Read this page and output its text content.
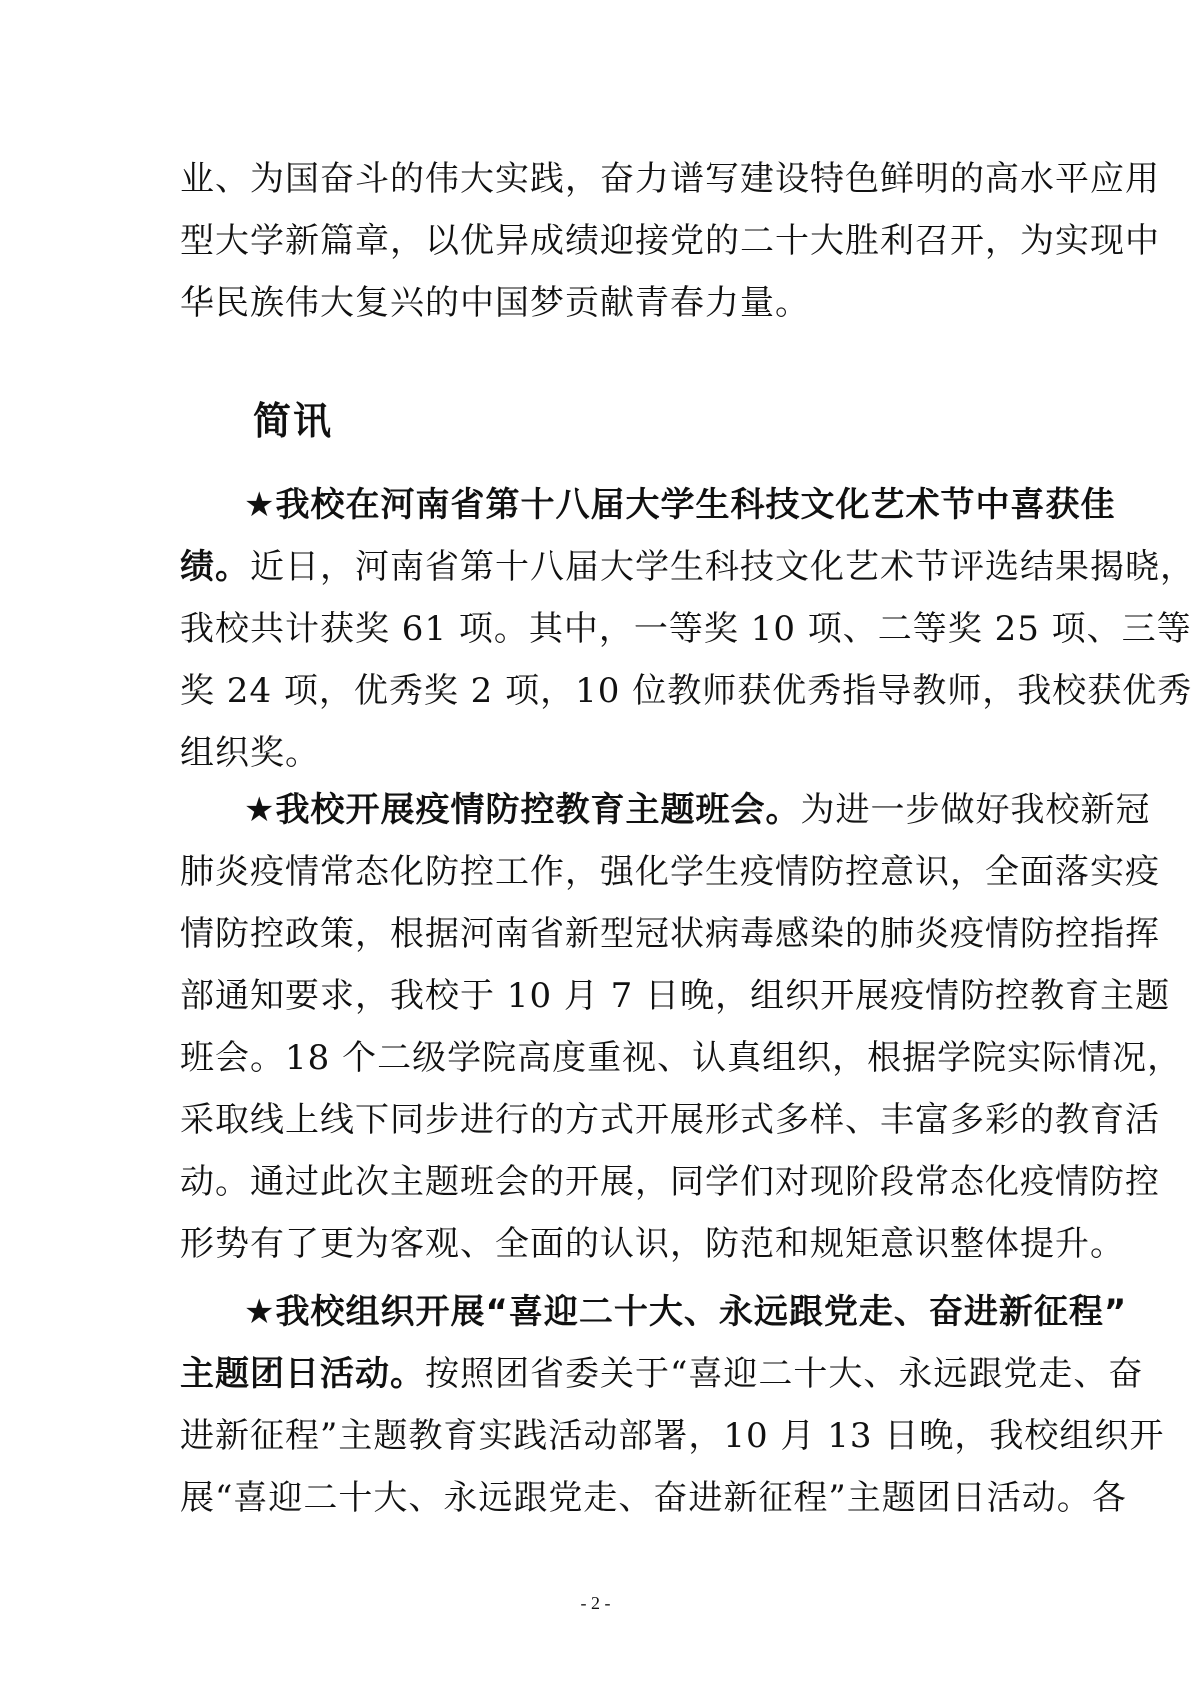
业、为国奋斗的伟大实践，奋力谱写建设特色鲜明的高水平应用
型大学新篇章，以优异成绩迎接党的二十大胜利召开，为实现中
华民族伟大复兴的中国梦贡献青春力量。
简讯
★我校在河南省第十八届大学生科技文化艺术节中喜获佳
绩。近日，河南省第十八届大学生科技文化艺术节评选结果揭晓，
我校共计获奖 61 项。其中，一等奖 10 项、二等奖 25 项、三等
奖 24 项，优秀奖 2 项，10 位教师获优秀指导教师，我校获优秀
组织奖。
★我校开展疫情防控教育主题班会。为进一步做好我校新冠
肺炎疫情常态化防控工作，强化学生疫情防控意识，全面落实疫
情防控政策，根据河南省新型冠状病毒感染的肺炎疫情防控指挥
部通知要求，我校于 10 月 7 日晚，组织开展疫情防控教育主题
班会。18 个二级学院高度重视、认真组织，根据学院实际情况，
采取线上线下同步进行的方式开展形式多样、丰富多彩的教育活
动。通过此次主题班会的开展，同学们对现阶段常态化疫情防控
形势有了更为客观、全面的认识，防范和规矩意识整体提升。
★我校组织开展“喜迎二十大、永远跟党走、奋进新征程”
主题团日活动。按照团省委关于“喜迎二十大、永远跟党走、奋
进新征程”主题教育实践活动部署，10 月 13 日晚，我校组织开
展“喜迎二十大、永远跟党走、奋进新征程”主题团日活动。各
- 2 -
